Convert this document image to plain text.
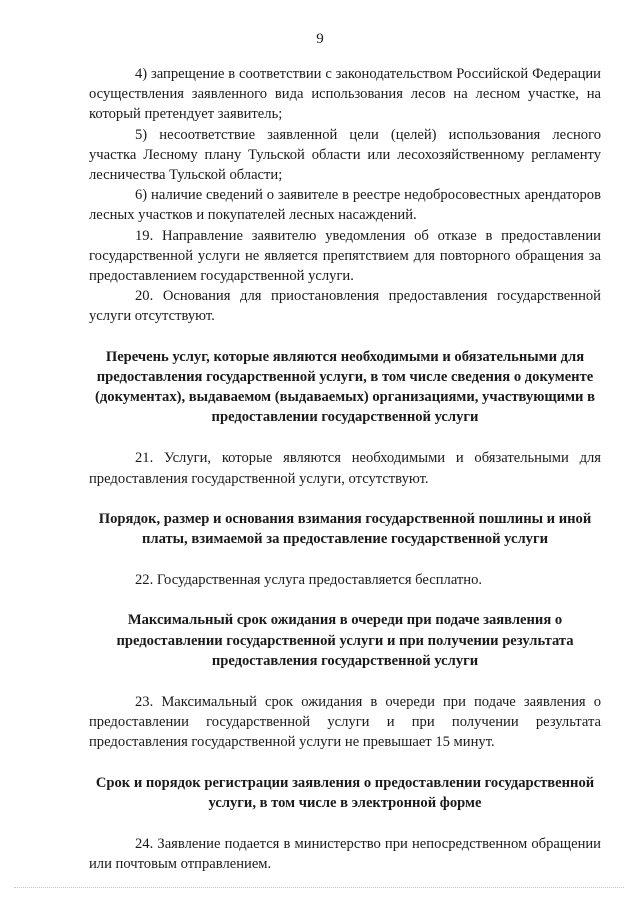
9

4) запрещение в соответствии с законодательством Российской Федерации осуществления заявленного вида использования лесов на лесном участке, на который претендует заявитель;

5) несоответствие заявленной цели (целей) использования лесного участка Лесному плану Тульской области или лесохозяйственному регламенту лесничества Тульской области;

6) наличие сведений о заявителе в реестре недобросовестных арендаторов лесных участков и покупателей лесных насаждений.

19. Направление заявителю уведомления об отказе в предоставлении государственной услуги не является препятствием для повторного обращения за предоставлением государственной услуги.

20. Основания для приостановления предоставления государственной услуги отсутствуют.

Перечень услуг, которые являются необходимыми и обязательными для предоставления государственной услуги, в том числе сведения о документе (документах), выдаваемом (выдаваемых) организациями, участвующими в предоставлении государственной услуги

21. Услуги, которые являются необходимыми и обязательными для предоставления государственной услуги, отсутствуют.

Порядок, размер и основания взимания государственной пошлины и иной платы, взимаемой за предоставление государственной услуги

22. Государственная услуга предоставляется бесплатно.

Максимальный срок ожидания в очереди при подаче заявления о предоставлении государственной услуги и при получении результата предоставления государственной услуги

23. Максимальный срок ожидания в очереди при подаче заявления о предоставлении государственной услуги и при получении результата предоставления государственной услуги не превышает 15 минут.

Срок и порядок регистрации заявления о предоставлении государственной услуги, в том числе в электронной форме

24. Заявление подается в министерство при непосредственном обращении или почтовым отправлением.
